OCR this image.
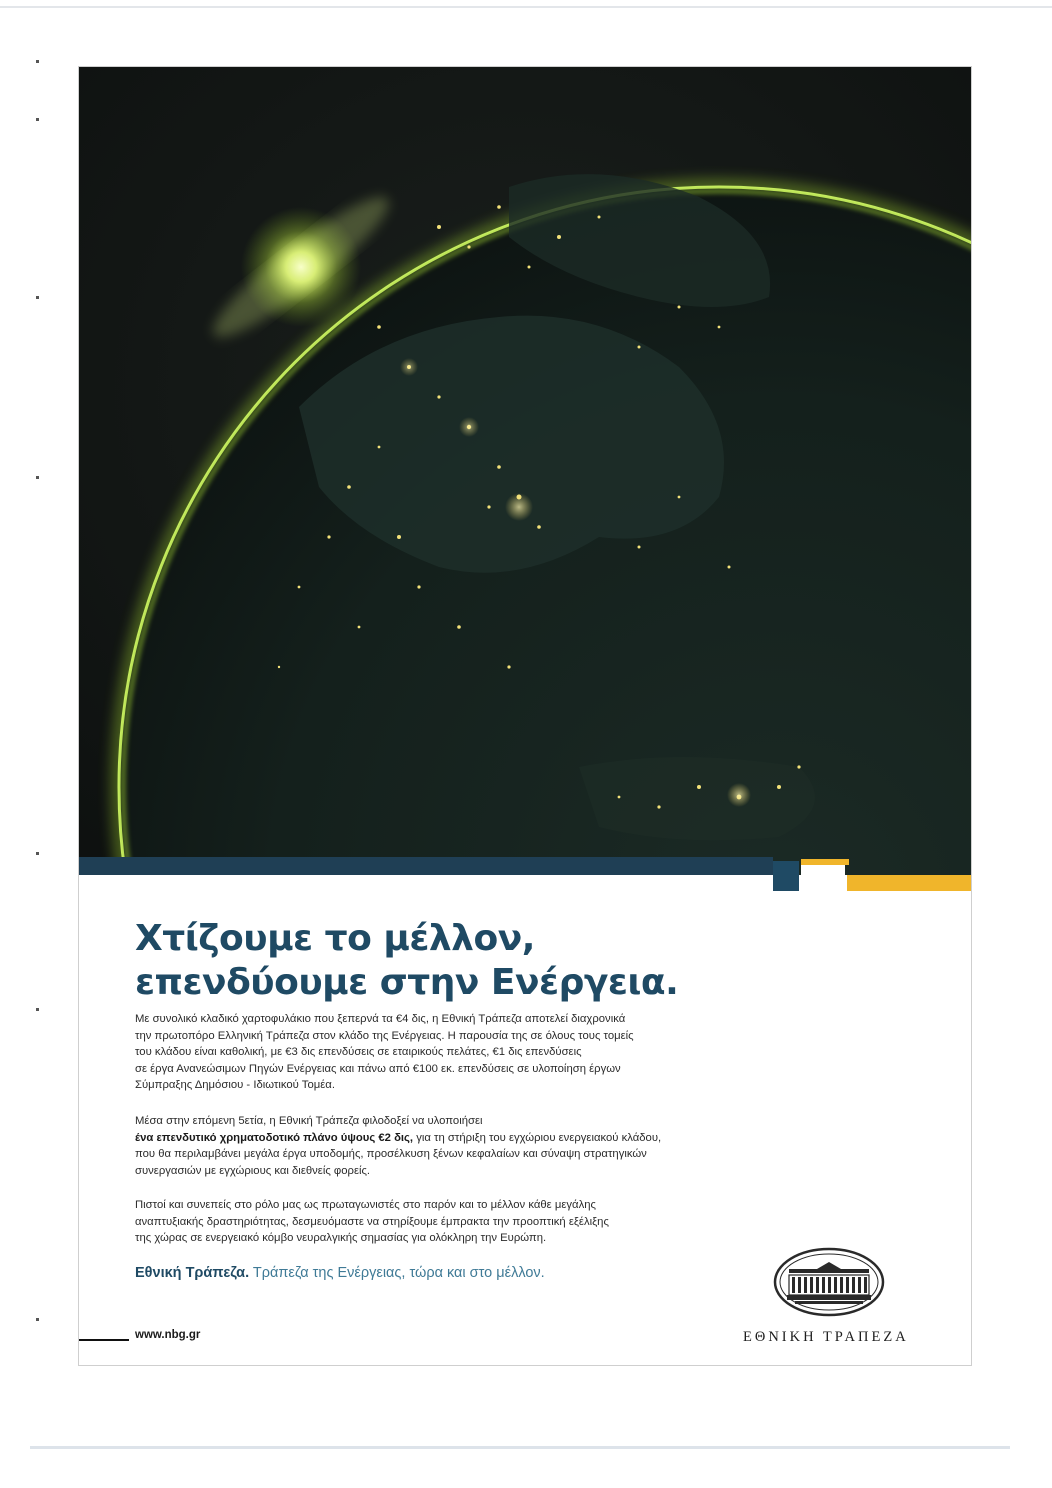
Χτίζουμε το μέλλον,
επενδύουμε στην Ενέργεια.
Με συνολικό κλαδικό χαρτοφυλάκιο που ξεπερνά τα €4 δις, η Εθνική Τράπεζα αποτελεί διαχρονικά
την πρωτοπόρο Ελληνική Τράπεζα στον κλάδο της Ενέργειας. Η παρουσία της σε όλους τους τομείς
του κλάδου είναι καθολική, με €3 δις επενδύσεις σε εταιρικούς πελάτες, €1 δις επενδύσεις
σε έργα Ανανεώσιμων Πηγών Ενέργειας και πάνω από €100 εκ. επενδύσεις σε υλοποίηση έργων
Σύμπραξης Δημόσιου - Ιδιωτικού Τομέα.
Μέσα στην επόμενη 5ετία, η Εθνική Τράπεζα φιλοδοξεί να υλοποιήσει
ένα επενδυτικό χρηματοδοτικό πλάνο ύψους €2 δις, για τη στήριξη του εγχώριου ενεργειακού κλάδου,
που θα περιλαμβάνει μεγάλα έργα υποδομής, προσέλκυση ξένων κεφαλαίων και σύναψη στρατηγικών
συνεργασιών με εγχώριους και διεθνείς φορείς.
Πιστοί και συνεπείς στο ρόλο μας ως πρωταγωνιστές στο παρόν και το μέλλον κάθε μεγάλης
αναπτυξιακής δραστηριότητας, δεσμευόμαστε να στηρίξουμε έμπρακτα την προοπτική εξέλιξης
της χώρας σε ενεργειακό κόμβο νευραλγικής σημασίας για ολόκληρη την Ευρώπη.
Εθνική Τράπεζα. Τράπεζα της Ενέργειας, τώρα και στο μέλλον.
www.nbg.gr	ΕΘΝΙΚΗ ΤΡΑΠΕΖΑ
